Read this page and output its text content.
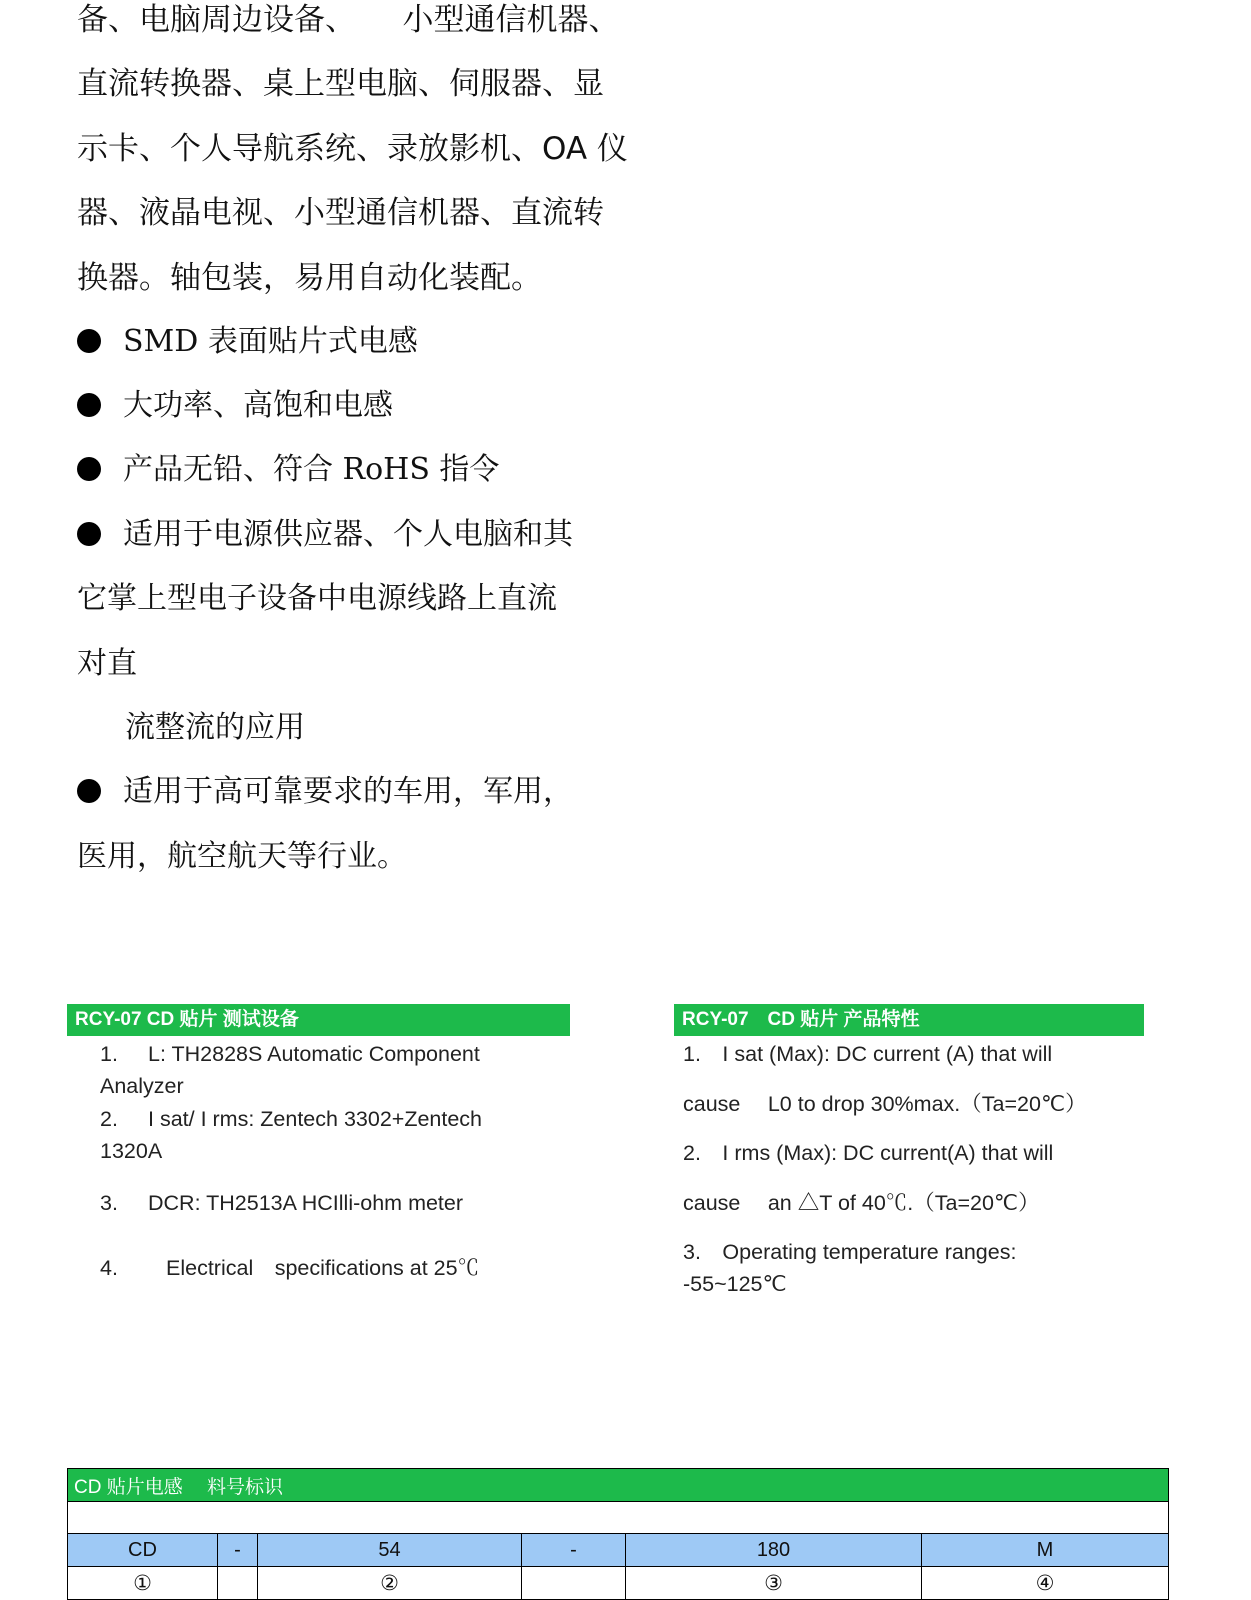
备、电脑周边设备、　　小型通信机器、

直流转换器、桌上型电脑、伺服器、显

示卡、个人导航系统、录放影机、OA 仪

器、液晶电视、小型通信机器、直流转

换器。轴包装，易用自动化装配。

SMD 表面贴片式电感

大功率、高饱和电感

产品无铅、符合 RoHS 指令

适用于电源供应器、个人电脑和其

它掌上型电子设备中电源线路上直流

对直

流整流的应用

适用于高可靠要求的车用，军用，

医用，航空航天等行业。

RCY-07 CD 贴片 测试设备

1. L: TH2828S Automatic Component Analyzer

2. I sat/ I rms: Zentech 3302+Zentech 1320A

3. DCR: TH2513A HCIlli-ohm meter

4. Electrical　specifications at 25℃

RCY-07　CD 贴片 产品特性

1.　I sat (Max): DC current (A) that will

cause　 L0 to drop 30%max.（Ta=20℃）

2.　I rms (Max): DC current(A) that will

cause　 an △T of 40℃.（Ta=20℃）

3.　Operating temperature ranges:

-55~125℃

CD 贴片电感　 料号标识					

CD	-	54	-	180	M
①		②		③	④
